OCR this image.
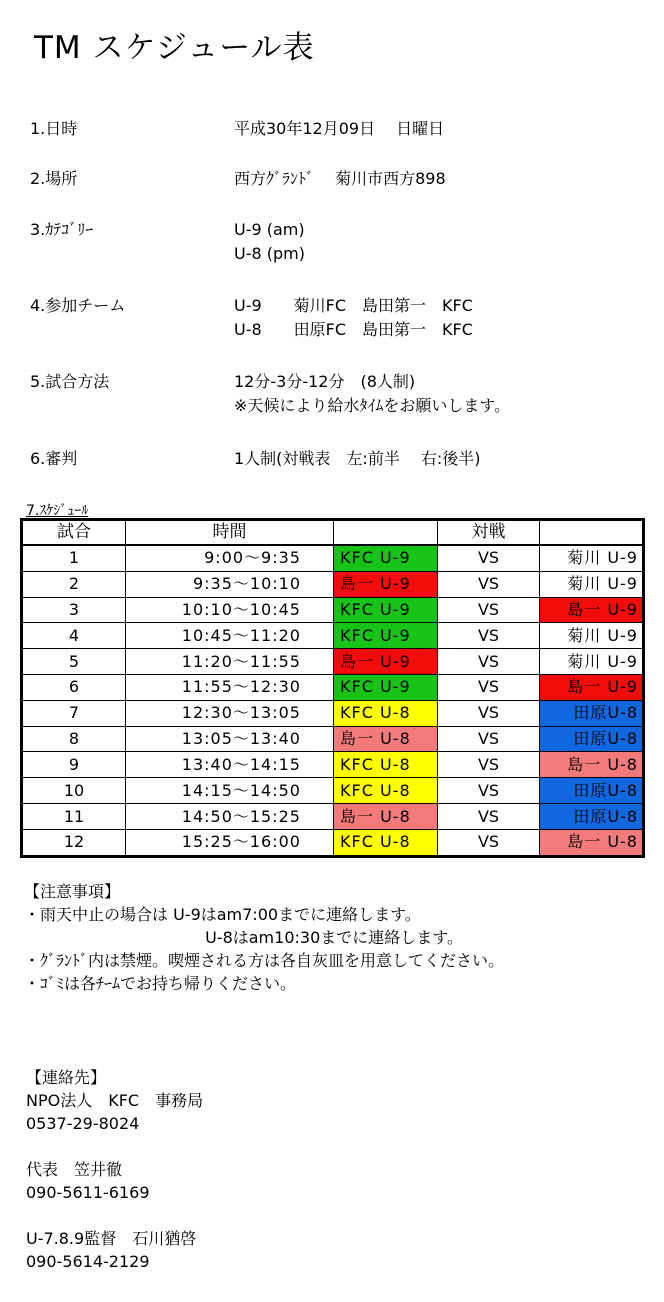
TM スケジュール表
1.日時	平成30年12月09日　 日曜日
2.場所	西方ｸﾞﾗﾝﾄﾞ　 菊川市西方898
3.ｶﾃｺﾞﾘｰ	U-9 (am)
U-8 (pm)
4.参加チーム	U-9　　菊川FC　島田第一　KFC
U-8　　田原FC　島田第一　KFC
5.試合方法	12分-3分-12分　(8人制)
※天候により給水ﾀｲﾑをお願いします。
6.審判	1人制(対戦表　左:前半　 右:後半)
7.ｽｹｼﾞｭｰﾙ
試合	時間		対戦	
1	9:00〜9:35	KFC U-9	VS	菊川 U-9
2	9:35〜10:10	島一 U-9	VS	菊川 U-9
3	10:10〜10:45	KFC U-9	VS	島一 U-9
4	10:45〜11:20	KFC U-9	VS	菊川 U-9
5	11:20〜11:55	島一 U-9	VS	菊川 U-9
6	11:55〜12:30	KFC U-9	VS	島一 U-9
7	12:30〜13:05	KFC U-8	VS	田原U-8
8	13:05〜13:40	島一 U-8	VS	田原U-8
9	13:40〜14:15	KFC U-8	VS	島一 U-8
10	14:15〜14:50	KFC U-8	VS	田原U-8
11	14:50〜15:25	島一 U-8	VS	田原U-8
12	15:25〜16:00	KFC U-8	VS	島一 U-8
【注意事項】
・雨天中止の場合は U-9はam7:00までに連絡します。
　　　　　　　　　　　 U-8はam10:30までに連絡します。
・ｸﾞﾗﾝﾄﾞ内は禁煙。喫煙される方は各自灰皿を用意してください。
・ｺﾞﾐは各ﾁｰﾑでお持ち帰りください。
【連絡先】
NPO法人　KFC　事務局
0537-29-8024
代表　笠井徹
090-5611-6169
U-7.8.9監督　石川猶啓
090-5614-2129
